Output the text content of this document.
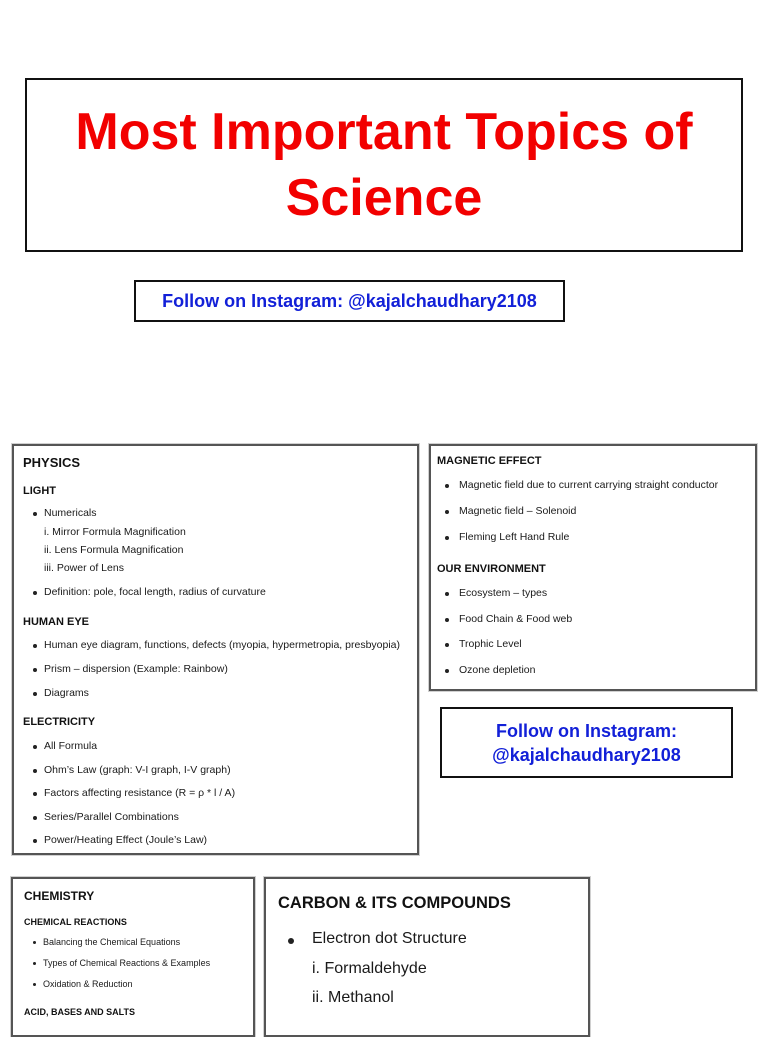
Most Important Topics of Science
Follow on Instagram: @kajalchaudhary2108
PHYSICS
LIGHT
Numericals
i. Mirror Formula Magnification
ii. Lens Formula Magnification
iii. Power of Lens
Definition: pole, focal length, radius of curvature
HUMAN EYE
Human eye diagram, functions, defects (myopia, hypermetropia, presbyopia)
Prism – dispersion (Example: Rainbow)
Diagrams
ELECTRICITY
All Formula
Ohm’s Law (graph: V-I graph, I-V graph)
Factors affecting resistance (R = ρ * l / A)
Series/Parallel Combinations
Power/Heating Effect (Joule’s Law)
MAGNETIC EFFECT
Magnetic field due to current carrying straight conductor
Magnetic field – Solenoid
Fleming Left Hand Rule
OUR ENVIRONMENT
Ecosystem – types
Food Chain & Food web
Trophic Level
Ozone depletion
Follow on Instagram:
@kajalchaudhary2108
CHEMISTRY
CHEMICAL REACTIONS
Balancing the Chemical Equations
Types of Chemical Reactions & Examples
Oxidation & Reduction
ACID, BASES AND SALTS
CARBON & ITS COMPOUNDS
Electron dot Structure
i. Formaldehyde
ii. Methanol
